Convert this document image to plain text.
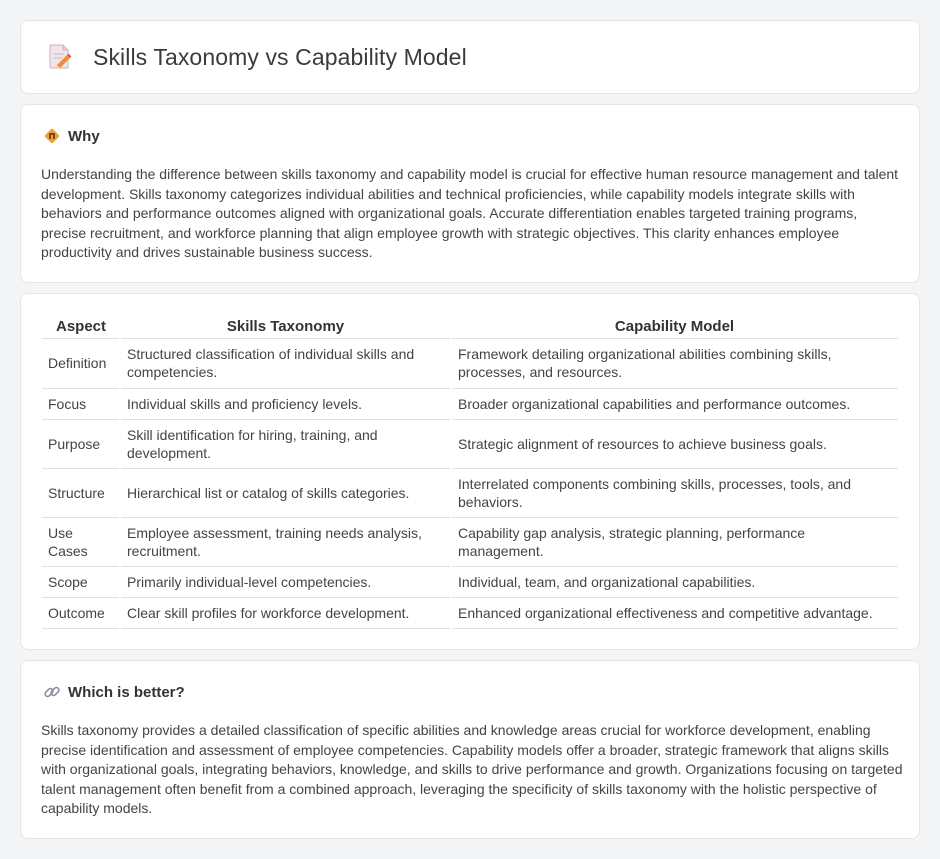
Skills Taxonomy vs Capability Model
Why

Understanding the difference between skills taxonomy and capability model is crucial for effective human resource management and talent development. Skills taxonomy categorizes individual abilities and technical proficiencies, while capability models integrate skills with behaviors and performance outcomes aligned with organizational goals. Accurate differentiation enables targeted training programs, precise recruitment, and workforce planning that align employee growth with strategic objectives. This clarity enhances employee productivity and drives sustainable business success.

Aspect	Skills Taxonomy	Capability Model
Definition	Structured classification of individual skills and competencies.	Framework detailing organizational abilities combining skills, processes, and resources.
Focus	Individual skills and proficiency levels.	Broader organizational capabilities and performance outcomes.
Purpose	Skill identification for hiring, training, and development.	Strategic alignment of resources to achieve business goals.
Structure	Hierarchical list or catalog of skills categories.	Interrelated components combining skills, processes, tools, and behaviors.
Use Cases	Employee assessment, training needs analysis, recruitment.	Capability gap analysis, strategic planning, performance management.
Scope	Primarily individual-level competencies.	Individual, team, and organizational capabilities.
Outcome	Clear skill profiles for workforce development.	Enhanced organizational effectiveness and competitive advantage.
Which is better?

Skills taxonomy provides a detailed classification of specific abilities and knowledge areas crucial for workforce development, enabling precise identification and assessment of employee competencies. Capability models offer a broader, strategic framework that aligns skills with organizational goals, integrating behaviors, knowledge, and skills to drive performance and growth. Organizations focusing on targeted talent management often benefit from a combined approach, leveraging the specificity of skills taxonomy with the holistic perspective of capability models.
